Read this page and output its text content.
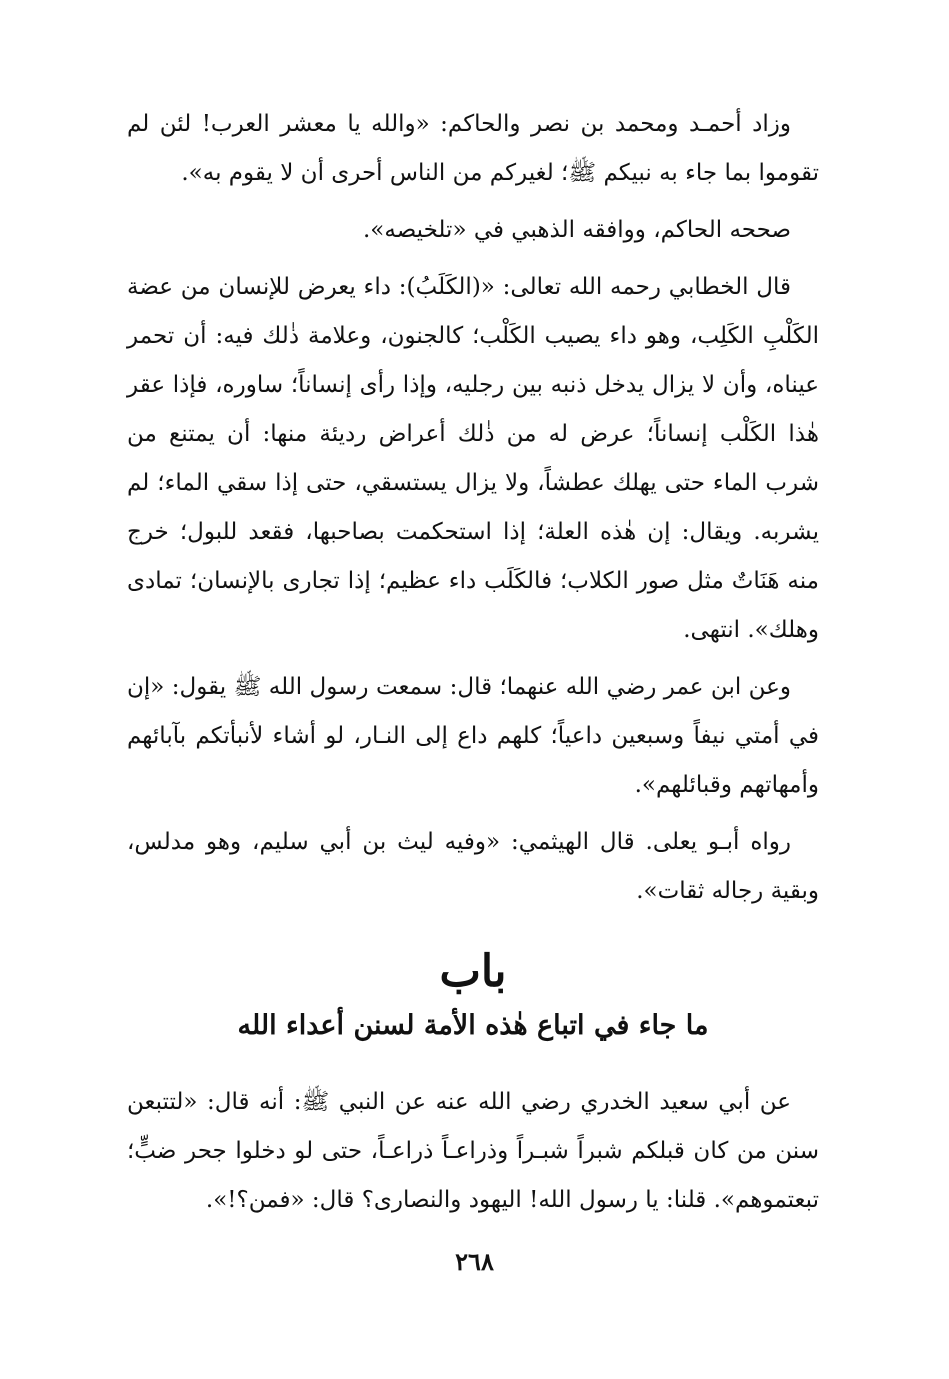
وزاد أحمـد ومحمد بن نصر والحاكم: «والله يا معشر العرب! لئن لم تقوموا بما جاء به نبيكم ﷺ؛ لغيركم من الناس أحرى أن لا يقوم به».

صححه الحاكم، ووافقه الذهبي في «تلخيصه».

قال الخطابي رحمه الله تعالى: «(الكَلَبُ): داء يعرض للإنسان من عضة الكَلْبِ الكَلِب، وهو داء يصيب الكَلْب؛ كالجنون، وعلامة ذٰلك فيه: أن تحمر عيناه، وأن لا يزال يدخل ذنبه بين رجليه، وإذا رأى إنساناً؛ ساوره، فإذا عقر هٰذا الكَلْب إنساناً؛ عرض له من ذٰلك أعراض رديئة منها: أن يمتنع من شرب الماء حتى يهلك عطشاً، ولا يزال يستسقي، حتى إذا سقي الماء؛ لم يشربه. ويقال: إن هٰذه العلة؛ إذا استحكمت بصاحبها، فقعد للبول؛ خرج منه هَنَاتٌ مثل صور الكلاب؛ فالكَلَب داء عظيم؛ إذا تجارى بالإنسان؛ تمادى وهلك». انتهى.

وعن ابن عمر رضي الله عنهما؛ قال: سمعت رسول الله ﷺ يقول: «إن في أمتي نيفاً وسبعين داعياً؛ كلهم داع إلى النـار، لو أشاء لأنبأتكم بآبائهم وأمهاتهم وقبائلهم».

رواه أبـو يعلى. قال الهيثمي: «وفيه ليث بن أبي سليم، وهو مدلس، وبقية رجاله ثقات».

باب
ما جاء في اتباع هٰذه الأمة لسنن أعداء الله

عن أبي سعيد الخدري رضي الله عنه عن النبي ﷺ: أنه قال: «لتتبعن سنن من كان قبلكم شبراً شبـراً وذراعـاً ذراعـاً، حتى لو دخلوا جحر ضبٍّ؛ تبعتموهم». قلنا: يا رسول الله! اليهود والنصارى؟ قال: «فمن؟!».

٢٦٨
